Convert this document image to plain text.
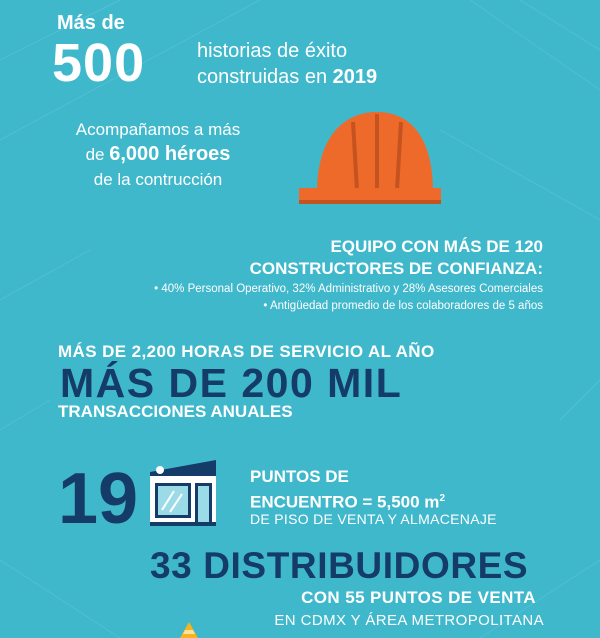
Más de
500	historias de éxito
construidas en 2019
Acompañamos a más
de 6,000 héroes
de la contrucción
EQUIPO CON MÁS DE 120
CONSTRUCTORES DE CONFIANZA:
• 40% Personal Operativo, 32% Administrativo y 28% Asesores Comerciales
• Antigüedad promedio de los colaboradores de 5 años
MÁS DE 2,200 HORAS DE SERVICIO AL AÑO
MÁS DE 200 MIL
TRANSACCIONES ANUALES
19	PUNTOS DE
ENCUENTRO = 5,500 $m^2$
DE PISO DE VENTA Y ALMACENAJE
33 DISTRIBUIDORES
CON 55 PUNTOS DE VENTA
EN CDMX Y ÁREA METROPOLITANA
